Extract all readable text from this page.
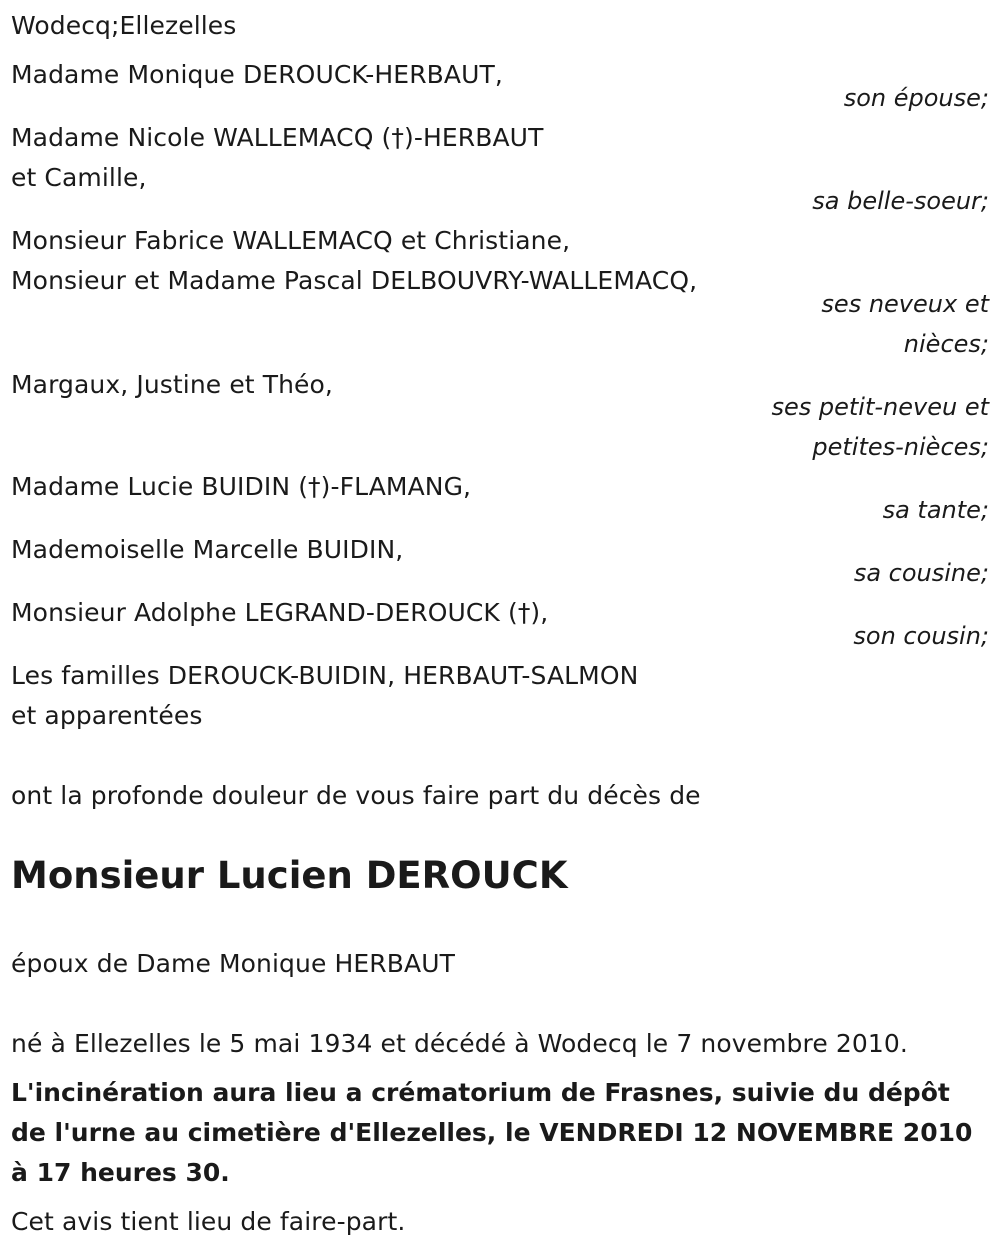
Wodecq;Ellezelles
Madame Monique DEROUCK-HERBAUT,
son épouse;
Madame Nicole WALLEMACQ (†)-HERBAUT
et Camille,
sa belle-soeur;
Monsieur Fabrice WALLEMACQ et Christiane,
Monsieur et Madame Pascal DELBOUVRY-WALLEMACQ,
ses neveux et
nièces;
Margaux, Justine et Théo,
ses petit-neveu et
petites-nièces;
Madame Lucie BUIDIN (†)-FLAMANG,
sa tante;
Mademoiselle Marcelle BUIDIN,
sa cousine;
Monsieur Adolphe LEGRAND-DEROUCK (†),
son cousin;
Les familles DEROUCK-BUIDIN, HERBAUT-SALMON
et apparentées
ont la profonde douleur de vous faire part du décès de
Monsieur Lucien DEROUCK
époux de Dame Monique HERBAUT
né à Ellezelles le 5 mai 1934 et décédé à Wodecq le 7 novembre 2010.
L'incinération aura lieu a crématorium de Frasnes, suivie du dépôt de l'urne au cimetière d'Ellezelles, le VENDREDI 12 NOVEMBRE 2010 à 17 heures 30.
Cet avis tient lieu de faire-part.
